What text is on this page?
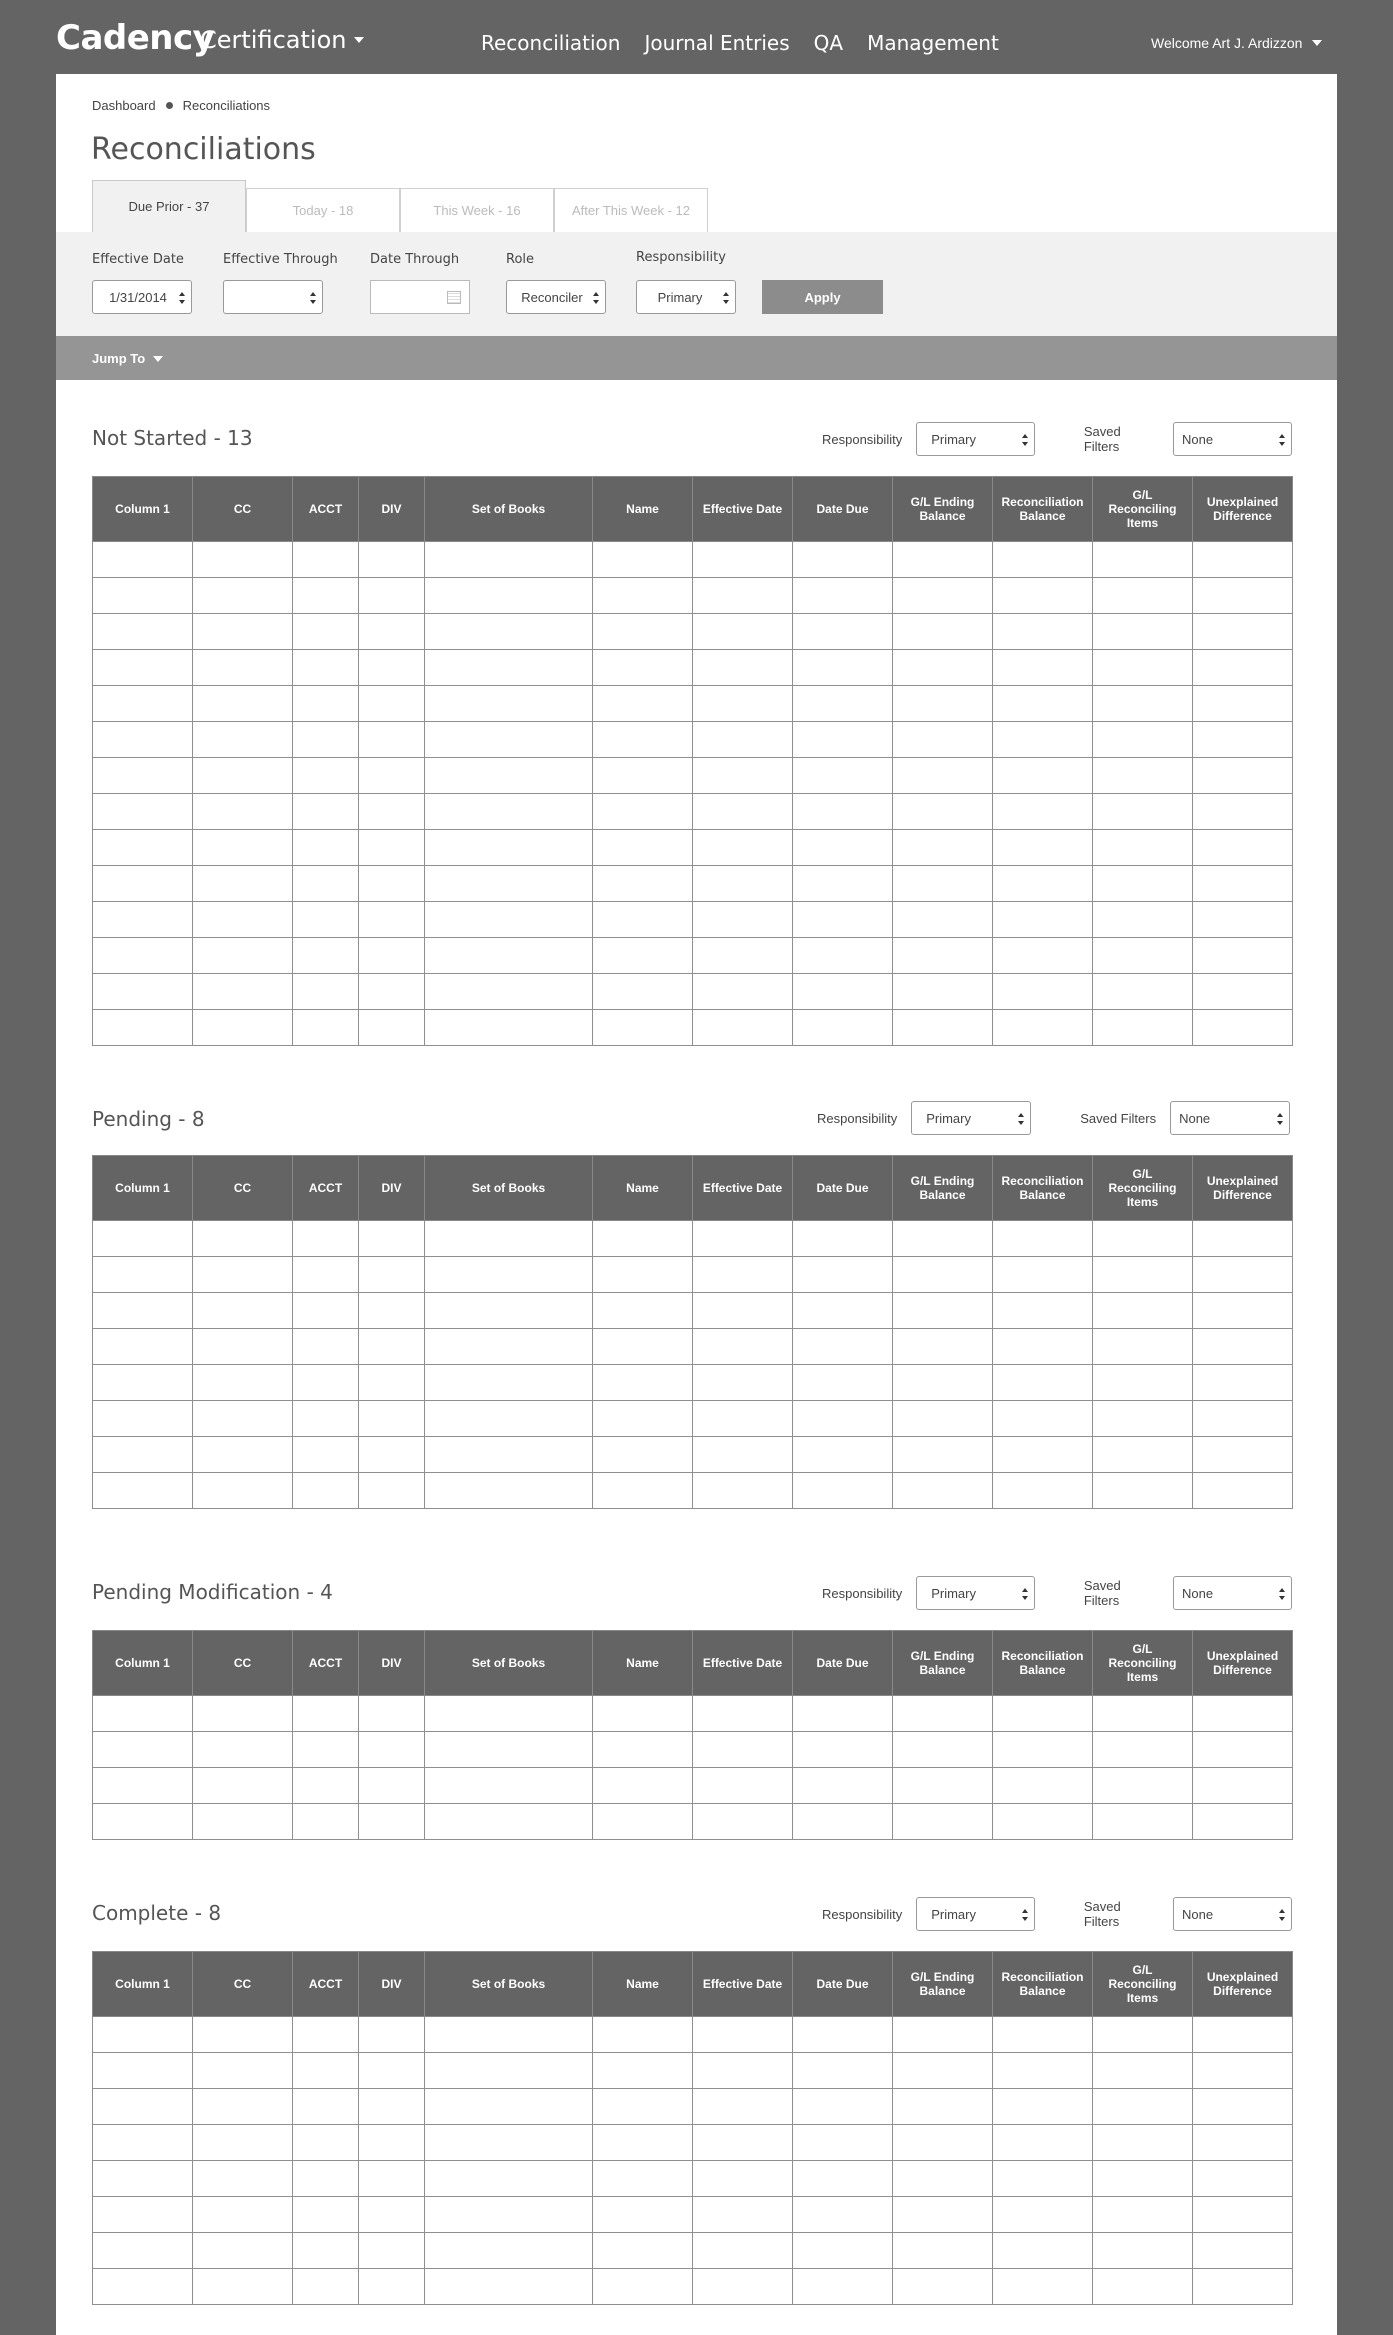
Cadency
Certification	Reconciliation Journal Entries QA Management	Welcome Art J. Ardizzon
Dashboard Reconciliations
Reconciliations
Due Prior - 37	Today - 18	This Week - 16	After This Week - 12
Effective Date
1/31/2014
Effective Through Date Through	Role
Reconciler
Responsibility
Primary	Apply
Jump To
Not Started - 13	Responsibility Primary	Saved Filters	None
Column 1	CC	ACCT	DIV	Set of Books	Name	Effective Date	Date Due	G/L Ending Balance	Reconciliation Balance	G/L Reconciling Items	Unexplained Difference

Pending - 8	Responsibility Primary	Saved Filters None
Column 1	CC	ACCT	DIV	Set of Books	Name	Effective Date	Date Due	G/L Ending Balance	Reconciliation Balance	G/L Reconciling Items	Unexplained Difference

Pending Modification - 4	Responsibility Primary	Saved Filters	None
Column 1	CC	ACCT	DIV	Set of Books	Name	Effective Date	Date Due	G/L Ending Balance	Reconciliation Balance	G/L Reconciling Items	Unexplained Difference

Complete - 8	Responsibility Primary	Saved Filters	None
Column 1	CC	ACCT	DIV	Set of Books	Name	Effective Date	Date Due	G/L Ending Balance	Reconciliation Balance	G/L Reconciling Items	Unexplained Difference
